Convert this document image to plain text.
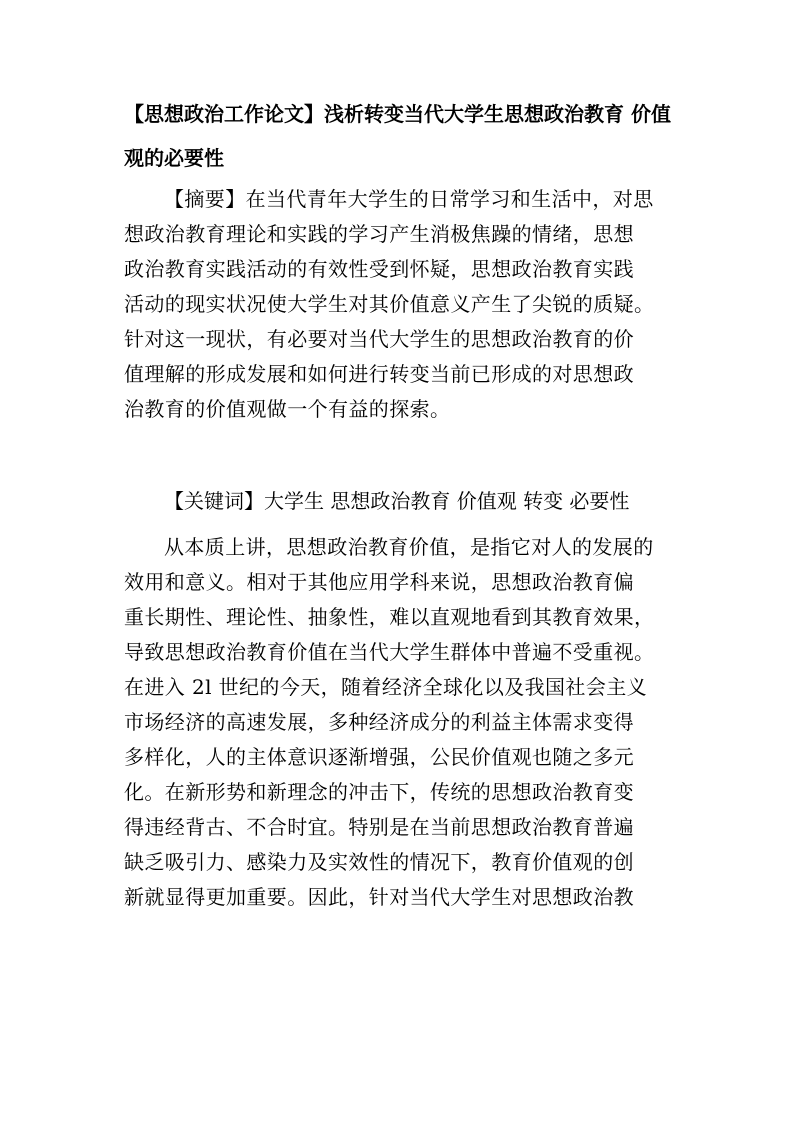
【思想政治工作论文】浅析转变当代大学生思想政治教育 价值观的必要性

【摘要】在当代青年大学生的日常学习和生活中，对思
想政治教育理论和实践的学习产生消极焦躁的情绪，思想
政治教育实践活动的有效性受到怀疑，思想政治教育实践
活动的现实状况使大学生对其价值意义产生了尖锐的质疑。
针对这一现状，有必要对当代大学生的思想政治教育的价
值理解的形成发展和如何进行转变当前已形成的对思想政
治教育的价值观做一个有益的探索。

【关键词】大学生 思想政治教育 价值观 转变 必要性

从本质上讲，思想政治教育价值，是指它对人的发展的
效用和意义。相对于其他应用学科来说，思想政治教育偏
重长期性、理论性、抽象性，难以直观地看到其教育效果，
导致思想政治教育价值在当代大学生群体中普遍不受重视。
在进入 2l 世纪的今天，随着经济全球化以及我国社会主义
市场经济的高速发展，多种经济成分的利益主体需求变得
多样化，人的主体意识逐渐增强，公民价值观也随之多元
化。在新形势和新理念的冲击下，传统的思想政治教育变
得违经背古、不合时宜。特别是在当前思想政治教育普遍
缺乏吸引力、感染力及实效性的情况下，教育价值观的创
新就显得更加重要。因此，针对当代大学生对思想政治教
